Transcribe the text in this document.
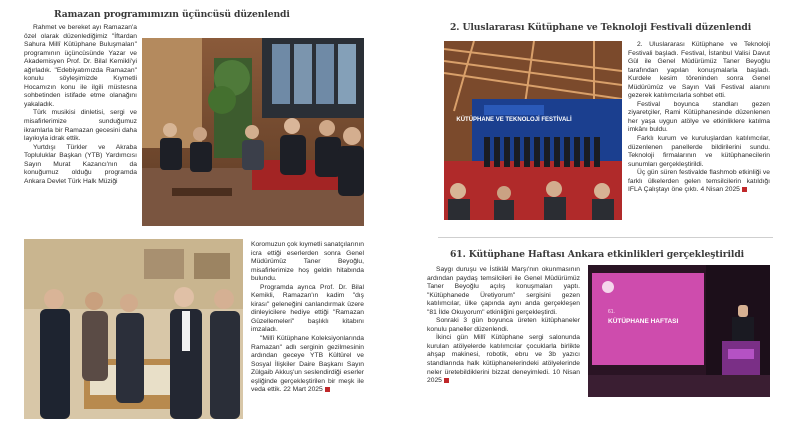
Ramazan programımızın üçüncüsü düzenlendi

Rahmet ve bereket ayı Ramazan'a özel olarak düzenlediğimiz "İftardan Sahura Millî Kütüphane Buluşmaları" programının üçüncüsünde Yazar ve Akademisyen Prof. Dr. Bilal Kemikli'yi ağırladık. "Edebiyatımızda Ramazan" konulu söyleşimizde Kıymetli Hocamızın konu ile ilgili müstesna sohbetinden istifade etme olanağını yakaladık.

Türk musikisi dinletisi, sergi ve misafirlerimize sunduğumuz ikramlarla bir Ramazan gecesini daha layıkıyla idrak ettik.

Yurtdışı Türkler ve Akraba Topluluklar Başkan (YTB) Yardımcısı Sayın Murat Kazancı'nın da konuğumuz olduğu programda Ankara Devlet Türk Halk Müziği

Koromuzun çok kıymetli sanatçılarının icra ettiği eserlerden sonra Genel Müdürümüz Taner Beyoğlu, misafirlerimize hoş geldin hitabında bulundu.

Programda ayrıca Prof. Dr. Bilal Kemikli, Ramazan'ın kadim "dış kirası" geleneğini canlandırmak üzere dinleyicilere hediye ettiği "Ramazan Güzellemeleri" başlıklı kitabını imzaladı.

"Millî Kütüphane Koleksiyonlarında Ramazan" adlı serginin gezilmesinin ardından geceye YTB Kültürel ve Sosyal İlişkiler Daire Başkanı Sayın Zülgaib Akkuş'un seslendirdiği eserler eşliğinde gerçekleştirilen bir meşk ile veda ettik. 22 Mart 2025

2. Uluslararası Kütüphane ve Teknoloji Festivali düzenlendi
KÜTÜPHANE VE TEKNOLOJİ FESTİVALİ

2. Uluslararası Kütüphane ve Teknoloji Festivali başladı. Festival, İstanbul Valisi Davut Gül ile Genel Müdürümüz Taner Beyoğlu tarafından yapılan konuşmalarla başladı. Kurdele kesim töreninden sonra Genel Müdürümüz ve Sayın Vali Festival alanını gezerek katılımcılarla sohbet etti.

Festival boyunca standları gezen ziyaretçiler, Rami Kütüphanesinde düzenlenen her yaşa uygun atölye ve etkinliklere katılma imkânı buldu.

Farklı kurum ve kuruluşlardan katılımcılar, düzenlenen panellerde bildirilerini sundu. Teknoloji firmalarının ve kütüphanecilerin sunumları gerçekleştirildi.

Üç gün süren festivalde flashmob etkinliği ve farklı ülkelerden gelen temsilcilerin katıldığı IFLA Çalıştayı öne çıktı. 4 Nisan 2025

61. Kütüphane Haftası Ankara etkinlikleri gerçekleştirildi

Saygı duruşu ve İstiklâl Marşı'nın okunmasının ardından paydaş temsilcileri ile Genel Müdürümüz Taner Beyoğlu açılış konuşmaları yaptı. "Kütüphanede Üretiyorum" sergisini gezen katılımcılar, ülke çapında aynı anda gerçekleşen "81 İlde Okuyorum" etkinliğini gerçekleştirdi.

Sonraki 3 gün boyunca üreten kütüphaneler konulu paneller düzenlendi.

İkinci gün Millî Kütüphane sergi salonunda kurulan atölyelerde katılımcılar çocuklarla birlikte ahşap makinesi, robotik, ebru ve 3b yazıcı standlarında halk kütüphanelerindeki atölyelerinde neler üretebildiklerini bizzat deneyimledi. 10 Nisan 2025

61.
KÜTÜPHANE HAFTASI
